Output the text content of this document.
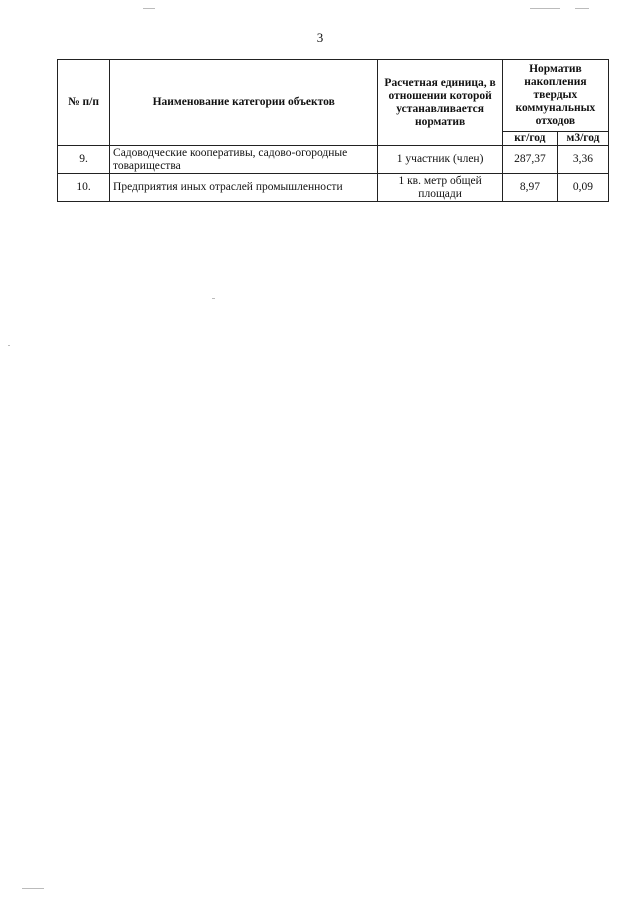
3
№ п/п	Наименование категории объектов	Расчетная единица, в отношении которой устанавливается норматив	Норматив накопления твердых коммунальных отходов	
			кг/год	м3/год
9.	Садоводческие кооперативы, садово-огородные товарищества	1 участник (член)	287,37	3,36
10.	Предприятия иных отраслей промышленности	1 кв. метр общей площади	8,97	0,09
